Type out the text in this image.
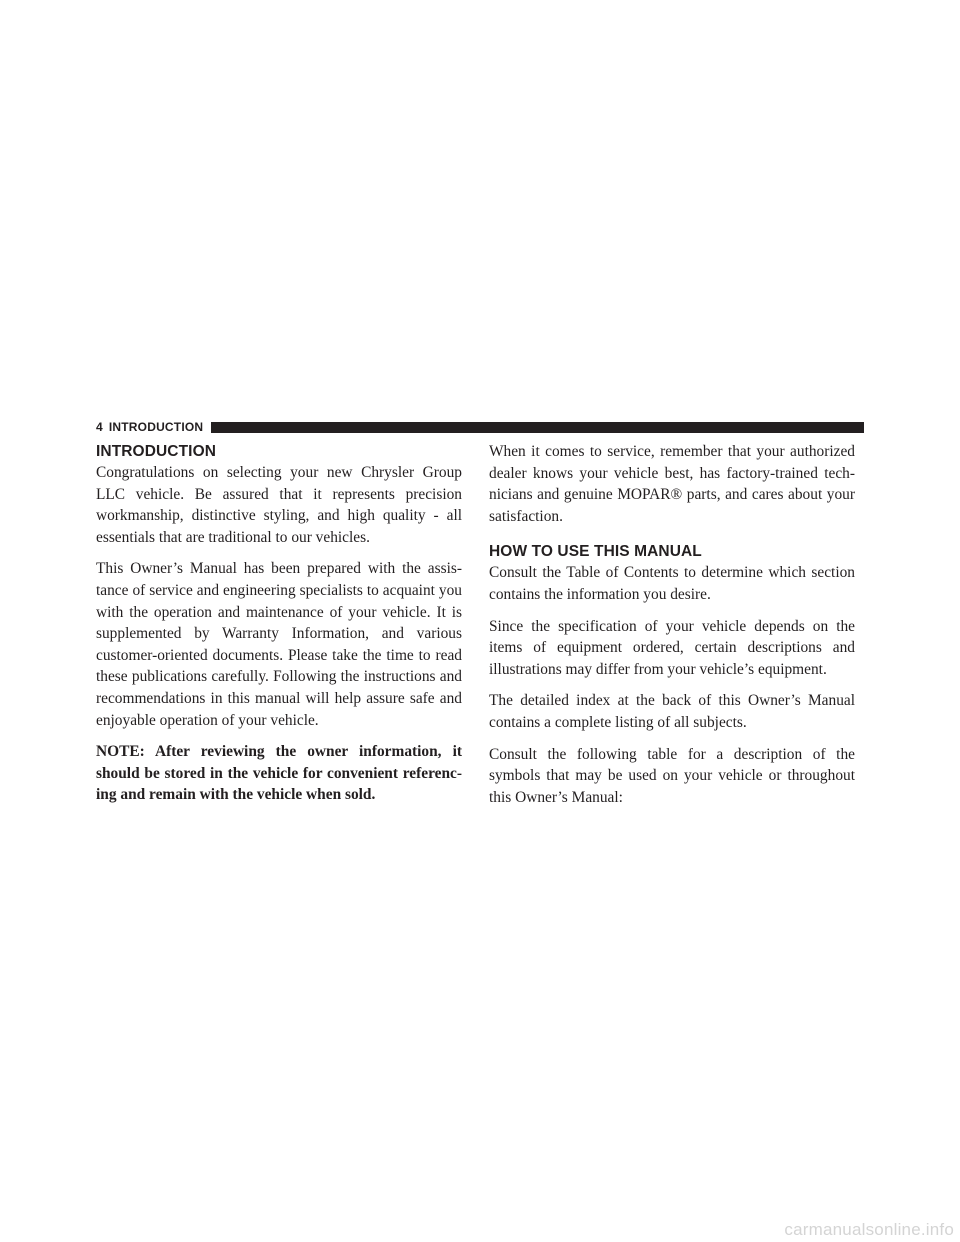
4 INTRODUCTION
INTRODUCTION

Congratulations on selecting your new Chrysler Group LLC vehicle. Be assured that it represents precision workmanship, distinctive styling, and high quality - all essentials that are traditional to our vehicles.

This Owner’s Manual has been prepared with the assistance of service and engineering specialists to acquaint you with the operation and maintenance of your vehicle. It is supplemented by Warranty Information, and various customer-oriented documents. Please take the time to read these publications carefully. Following the instructions and recommendations in this manual will help assure safe and enjoyable operation of your vehicle.

NOTE: After reviewing the owner information, it should be stored in the vehicle for convenient referencing and remain with the vehicle when sold.

When it comes to service, remember that your authorized dealer knows your vehicle best, has factory-trained technicians and genuine MOPAR® parts, and cares about your satisfaction.

HOW TO USE THIS MANUAL

Consult the Table of Contents to determine which section contains the information you desire.

Since the specification of your vehicle depends on the items of equipment ordered, certain descriptions and illustrations may differ from your vehicle’s equipment.

The detailed index at the back of this Owner’s Manual contains a complete listing of all subjects.

Consult the following table for a description of the symbols that may be used on your vehicle or throughout this Owner’s Manual:

carmanualsonline.info
